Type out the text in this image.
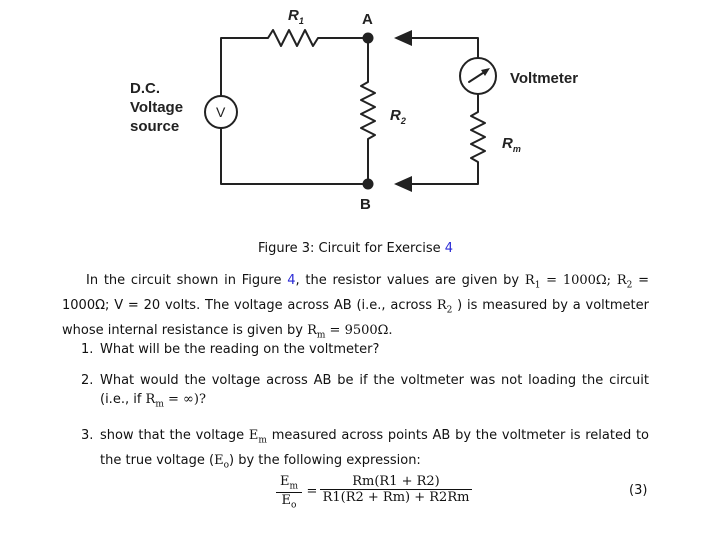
$R_1$	A
B
$R_2$
$R_m$
D.C.
Voltage
source
V
Voltmeter
Figure 3: Circuit for Exercise 4
In the circuit shown in Figure 4, the resistor values are given by $R_1 = 1000\Omega$; $R_2 = 1000\Omega$; V = 20 volts. The voltage across AB (i.e., across $R_2$ ) is measured by a voltmeter whose internal resistance is given by $R_m = 9500\Omega$.
1. What will be the reading on the voltmeter?
2. What would the voltage across AB be if the voltmeter was not loading the circuit (i.e., if $R_m$ = ∞)?
3. show that the voltage $E_m$ measured across points AB by the voltmeter is related to the true voltage $(E_o)$ by the following expression:
$\frac{E_m}{E_o} = \frac{Rm(R1 + R2)}{R1(R2 + Rm) + R2Rm}$	(3)
